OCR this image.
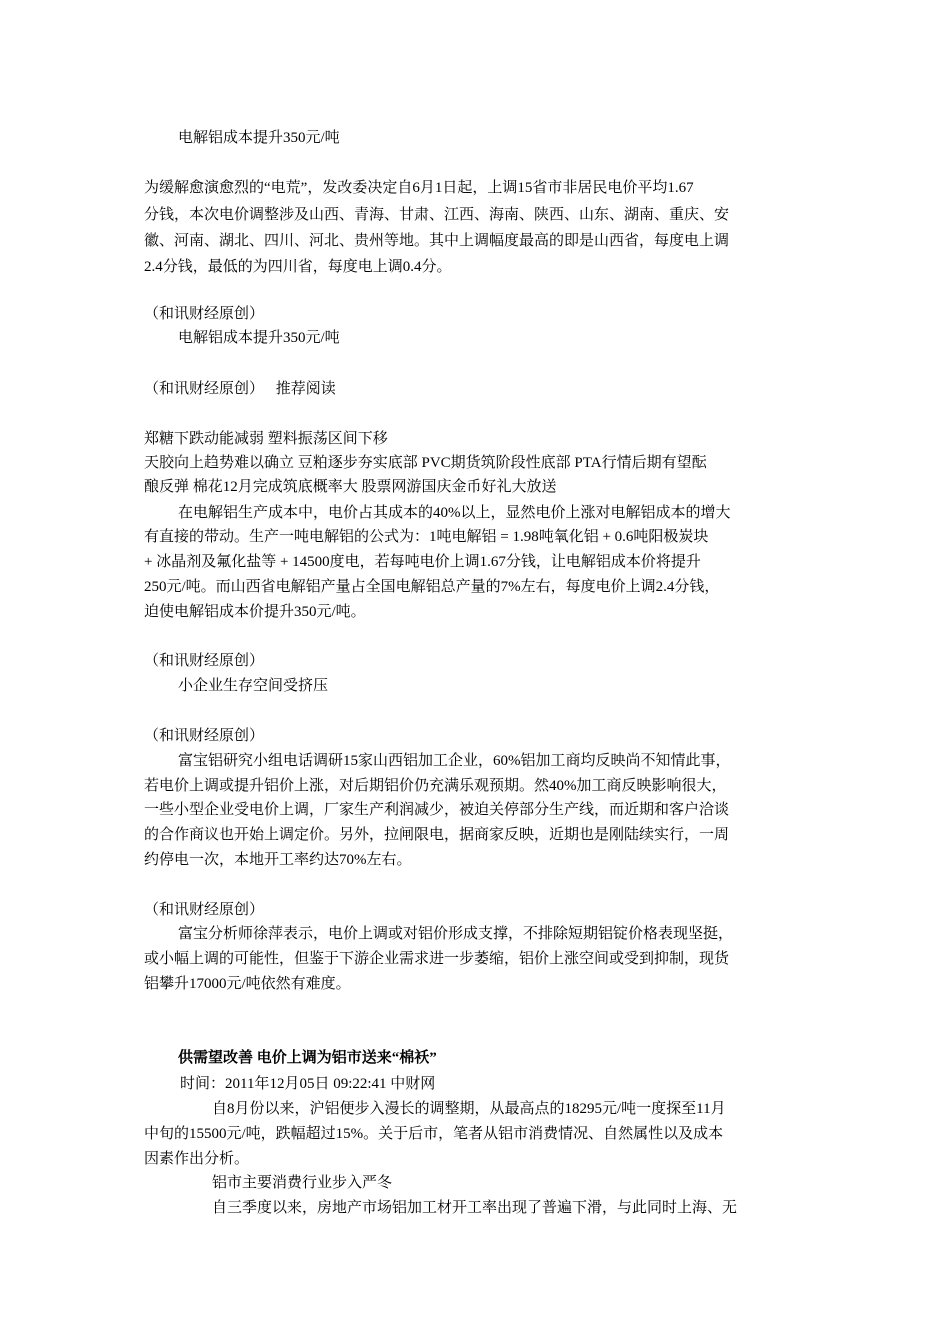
电解铝成本提升350元/吨
为缓解愈演愈烈的“电荒”，发改委决定自6月1日起，上调15省市非居民电价平均1.67
分钱，本次电价调整涉及山西、青海、甘肃、江西、海南、陕西、山东、湖南、重庆、安
徽、河南、湖北、四川、河北、贵州等地。其中上调幅度最高的即是山西省，每度电上调
2.4分钱，最低的为四川省，每度电上调0.4分。
（和讯财经原创）
电解铝成本提升350元/吨
（和讯财经原创） 推荐阅读
郑糖下跌动能减弱 塑料振荡区间下移
天胶向上趋势难以确立 豆粕逐步夯实底部 PVC期货筑阶段性底部 PTA行情后期有望酝
酿反弹 棉花12月完成筑底概率大 股票网游国庆金币好礼大放送
在电解铝生产成本中，电价占其成本的40%以上，显然电价上涨对电解铝成本的增大
有直接的带动。生产一吨电解铝的公式为：1吨电解铝 = 1.98吨氧化铝 + 0.6吨阳极炭块
+ 冰晶剂及氟化盐等 + 14500度电，若每吨电价上调1.67分钱，让电解铝成本价将提升
250元/吨。而山西省电解铝产量占全国电解铝总产量的7%左右，每度电价上调2.4分钱，
迫使电解铝成本价提升350元/吨。
（和讯财经原创）
小企业生存空间受挤压
（和讯财经原创）
富宝铝研究小组电话调研15家山西铝加工企业，60%铝加工商均反映尚不知情此事，
若电价上调或提升铝价上涨，对后期铝价仍充满乐观预期。然40%加工商反映影响很大，
一些小型企业受电价上调，厂家生产利润减少，被迫关停部分生产线，而近期和客户洽谈
的合作商议也开始上调定价。另外，拉闸限电，据商家反映，近期也是刚陆续实行，一周
约停电一次，本地开工率约达70%左右。
（和讯财经原创）
富宝分析师徐萍表示，电价上调或对铝价形成支撑，不排除短期铝锭价格表现坚挺，
或小幅上调的可能性，但鉴于下游企业需求进一步萎缩，铝价上涨空间或受到抑制，现货
铝攀升17000元/吨依然有难度。
供需望改善 电价上调为铝市送来“棉袄”
时间：2011年12月05日 09:22:41 中财网
自8月份以来，沪铝便步入漫长的调整期，从最高点的18295元/吨一度探至11月
中旬的15500元/吨，跌幅超过15%。关于后市，笔者从铝市消费情况、自然属性以及成本
因素作出分析。
铝市主要消费行业步入严冬
自三季度以来，房地产市场铝加工材开工率出现了普遍下滑，与此同时上海、无
